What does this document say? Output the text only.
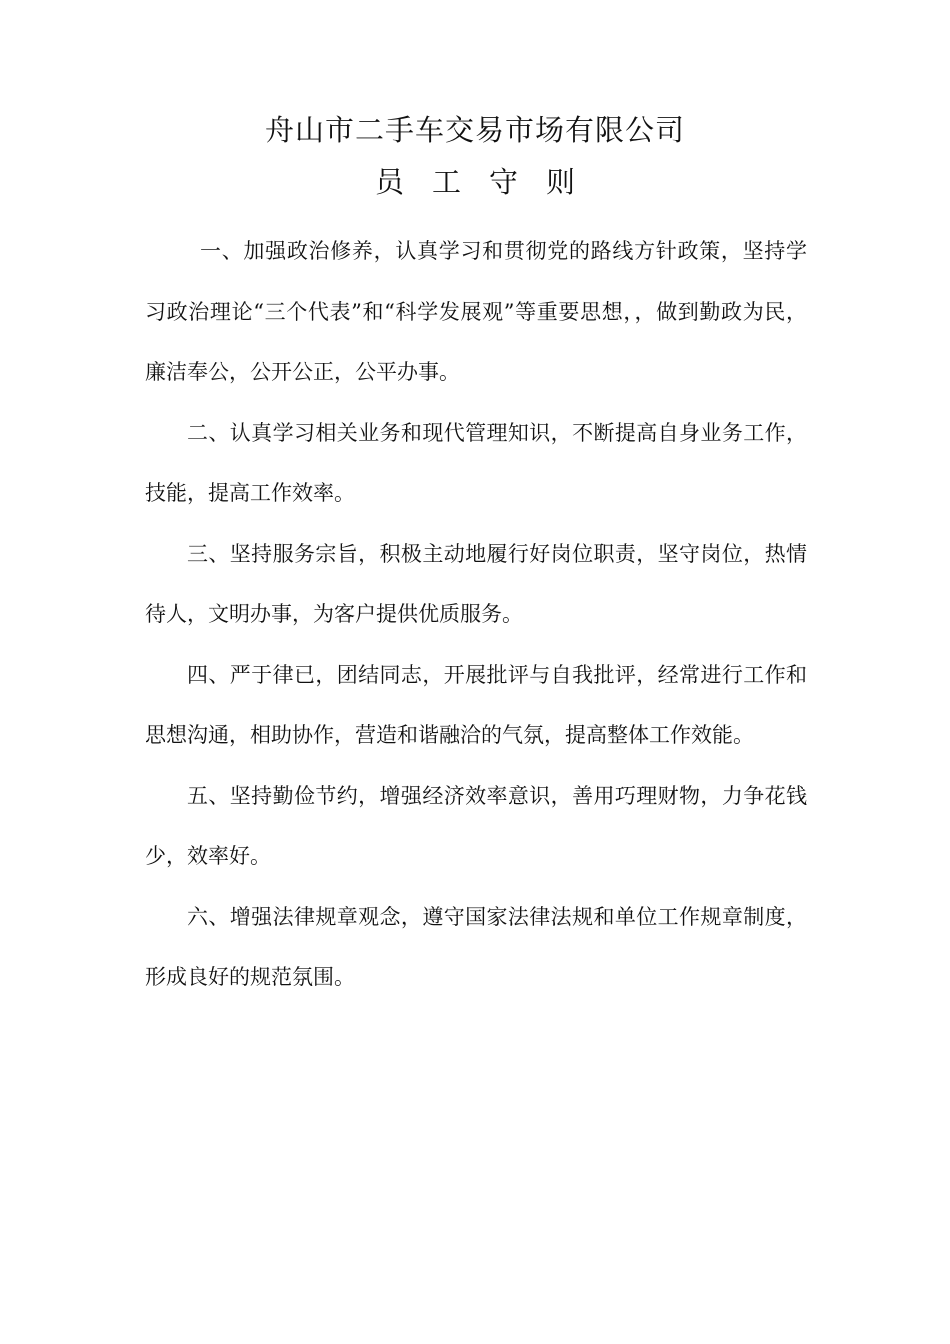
舟山市二手车交易市场有限公司
员工守则

一、加强政治修养，认真学习和贯彻党的路线方针政策，坚持学习政治理论“三个代表”和“科学发展观”等重要思想，，做到勤政为民，廉洁奉公，公开公正，公平办事。

二、认真学习相关业务和现代管理知识，不断提高自身业务工作，技能，提高工作效率。

三、坚持服务宗旨，积极主动地履行好岗位职责，坚守岗位，热情待人，文明办事，为客户提供优质服务。

四、严于律已，团结同志，开展批评与自我批评，经常进行工作和思想沟通，相助协作，营造和谐融洽的气氛，提高整体工作效能。

五、坚持勤俭节约，增强经济效率意识，善用巧理财物，力争花钱少，效率好。

六、增强法律规章观念，遵守国家法律法规和单位工作规章制度，形成良好的规范氛围。
